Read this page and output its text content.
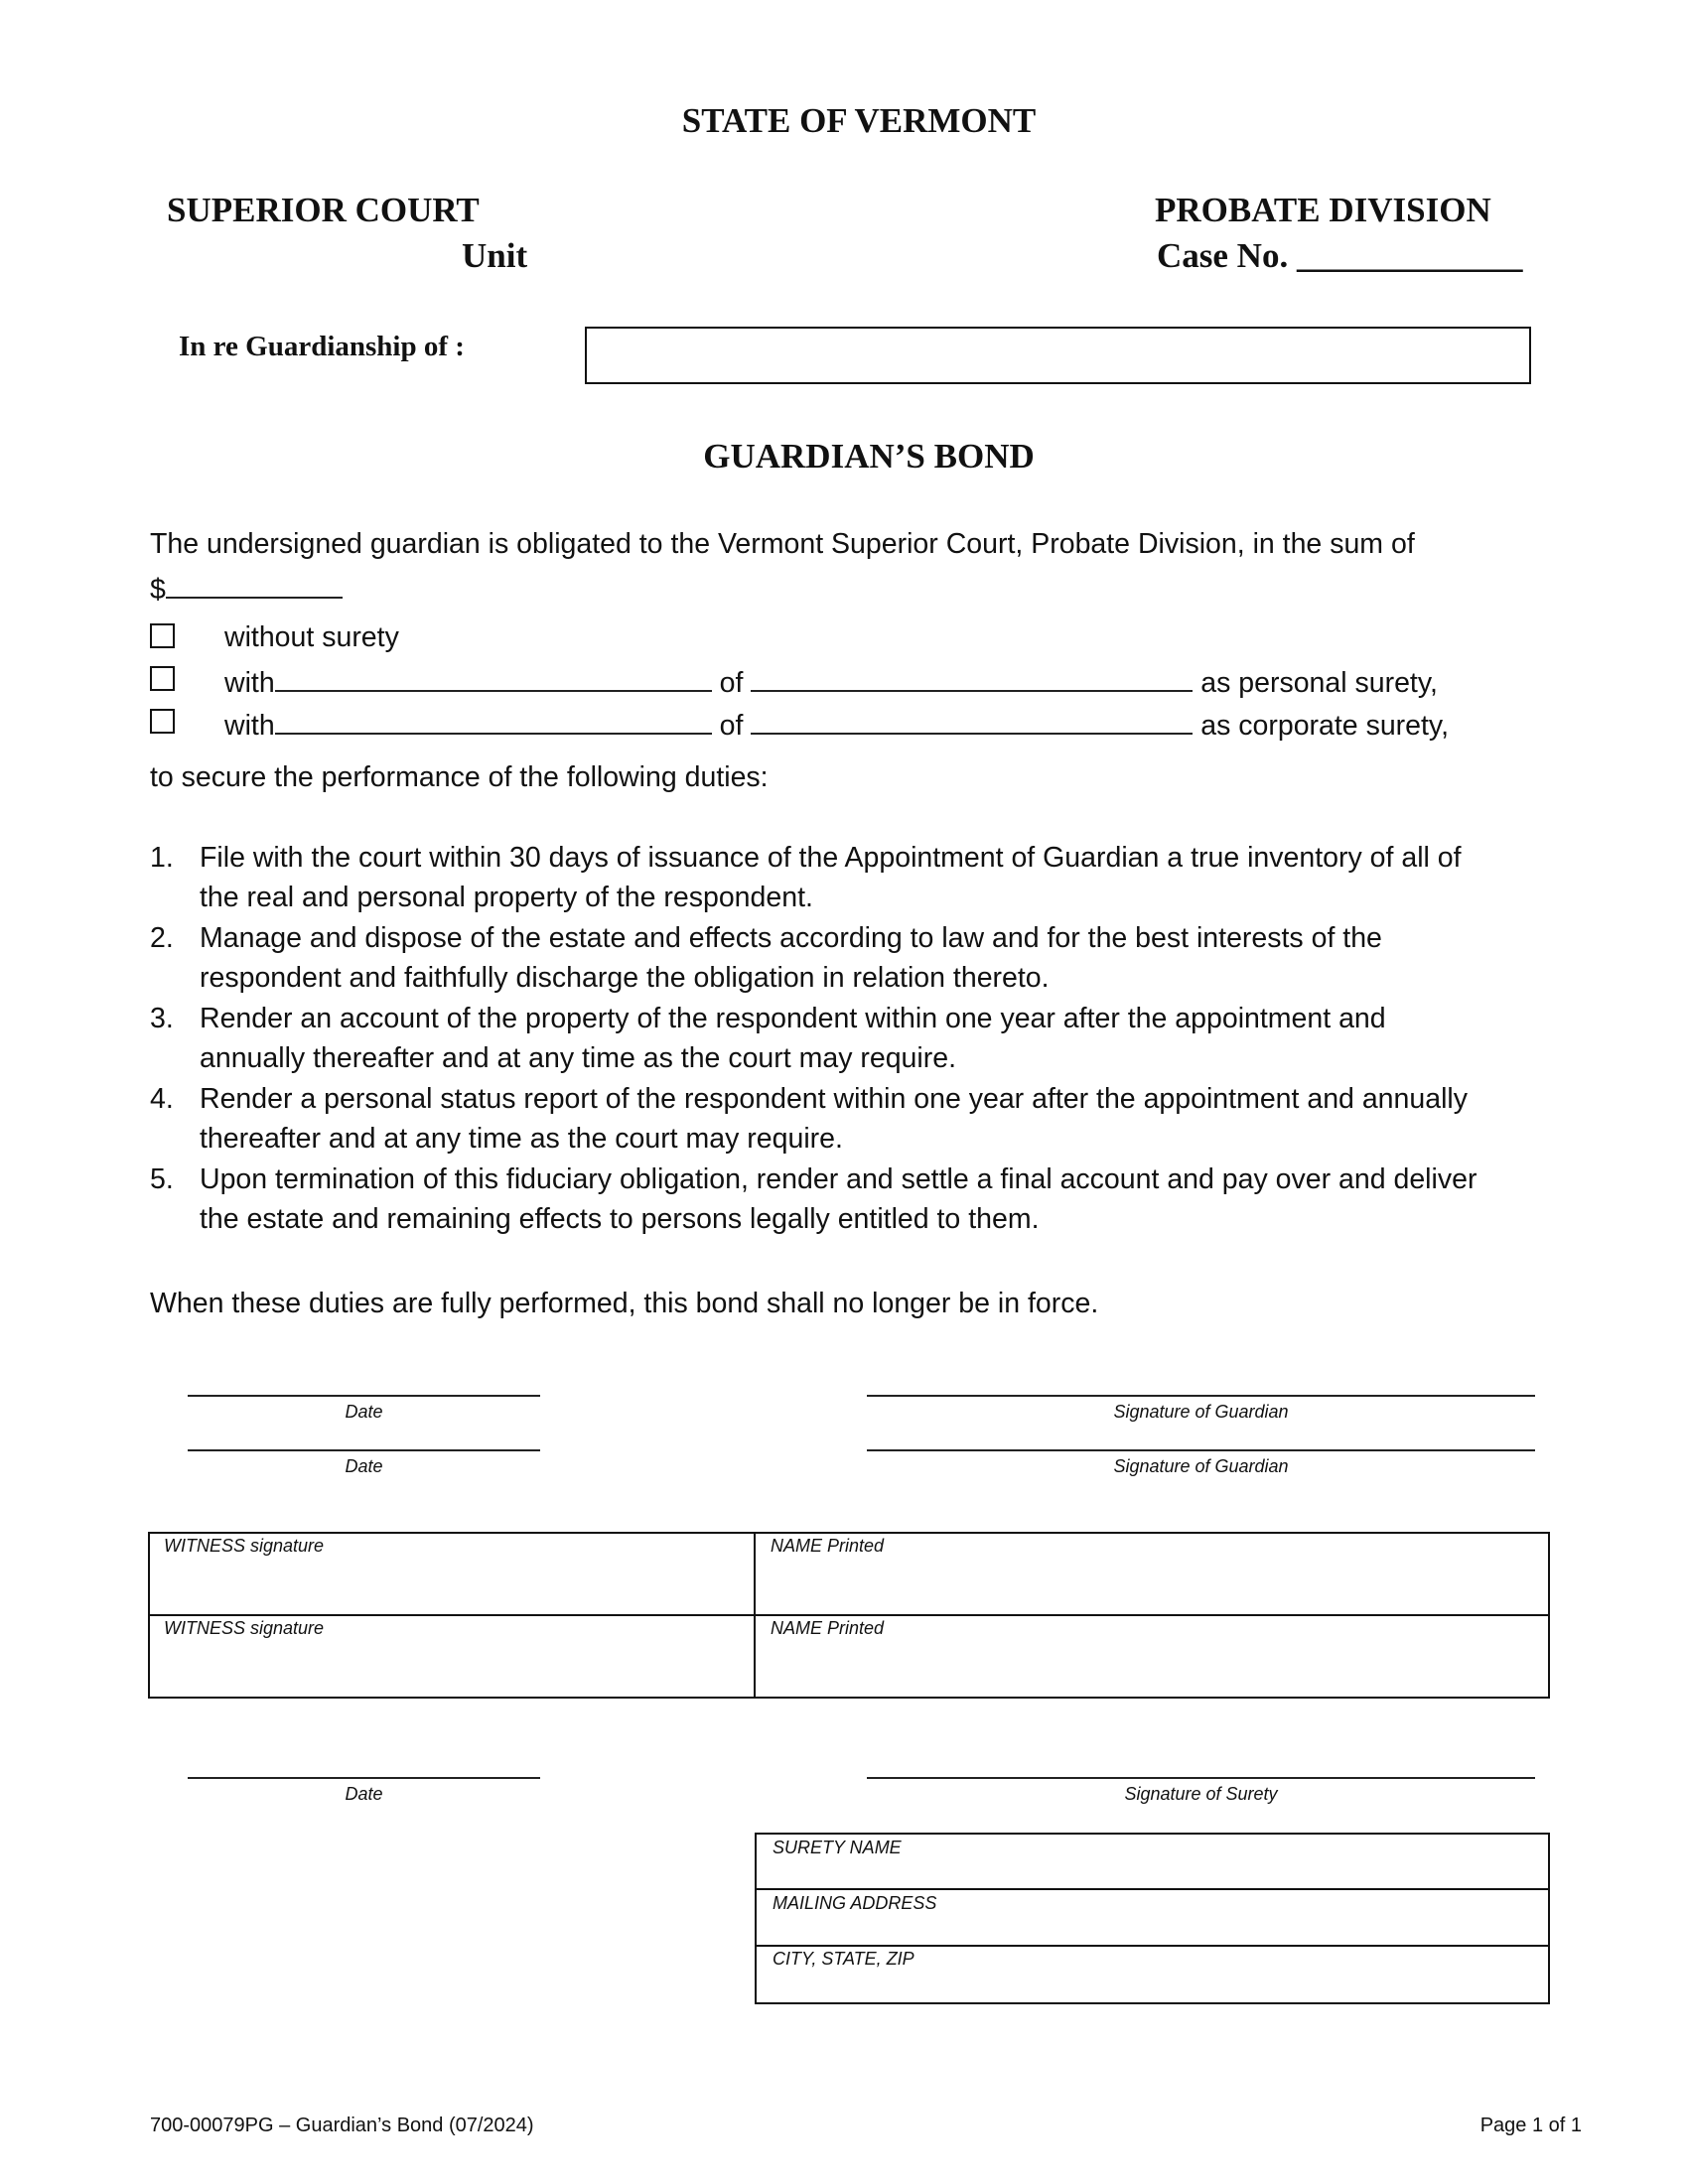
STATE OF VERMONT
SUPERIOR COURT
Unit
PROBATE DIVISION
Case No. _____________
In re Guardianship of :
GUARDIAN’S BOND
The undersigned guardian is obligated to the Vermont Superior Court, Probate Division, in the sum of
$
without surety
with	of	as personal surety,
with	of	as corporate surety,
to secure the performance of the following duties:
1. File with the court within 30 days of issuance of the Appointment of Guardian a true inventory of all of
the real and personal property of the respondent.
2. Manage and dispose of the estate and effects according to law and for the best interests of the
respondent and faithfully discharge the obligation in relation thereto.
3. Render an account of the property of the respondent within one year after the appointment and
annually thereafter and at any time as the court may require.
4. Render a personal status report of the respondent within one year after the appointment and annually
thereafter and at any time as the court may require.
5. Upon termination of this fiduciary obligation, render and settle a final account and pay over and deliver
the estate and remaining effects to persons legally entitled to them.
When these duties are fully performed, this bond shall no longer be in force.
Date	Signature of Guardian
Date	Signature of Guardian
WITNESS signature	NAME Printed
WITNESS signature	NAME Printed
Date	Signature of Surety
SURETY NAME
MAILING ADDRESS
CITY, STATE, ZIP
700-00079PG – Guardian’s Bond (07/2024)	Page 1 of 1
